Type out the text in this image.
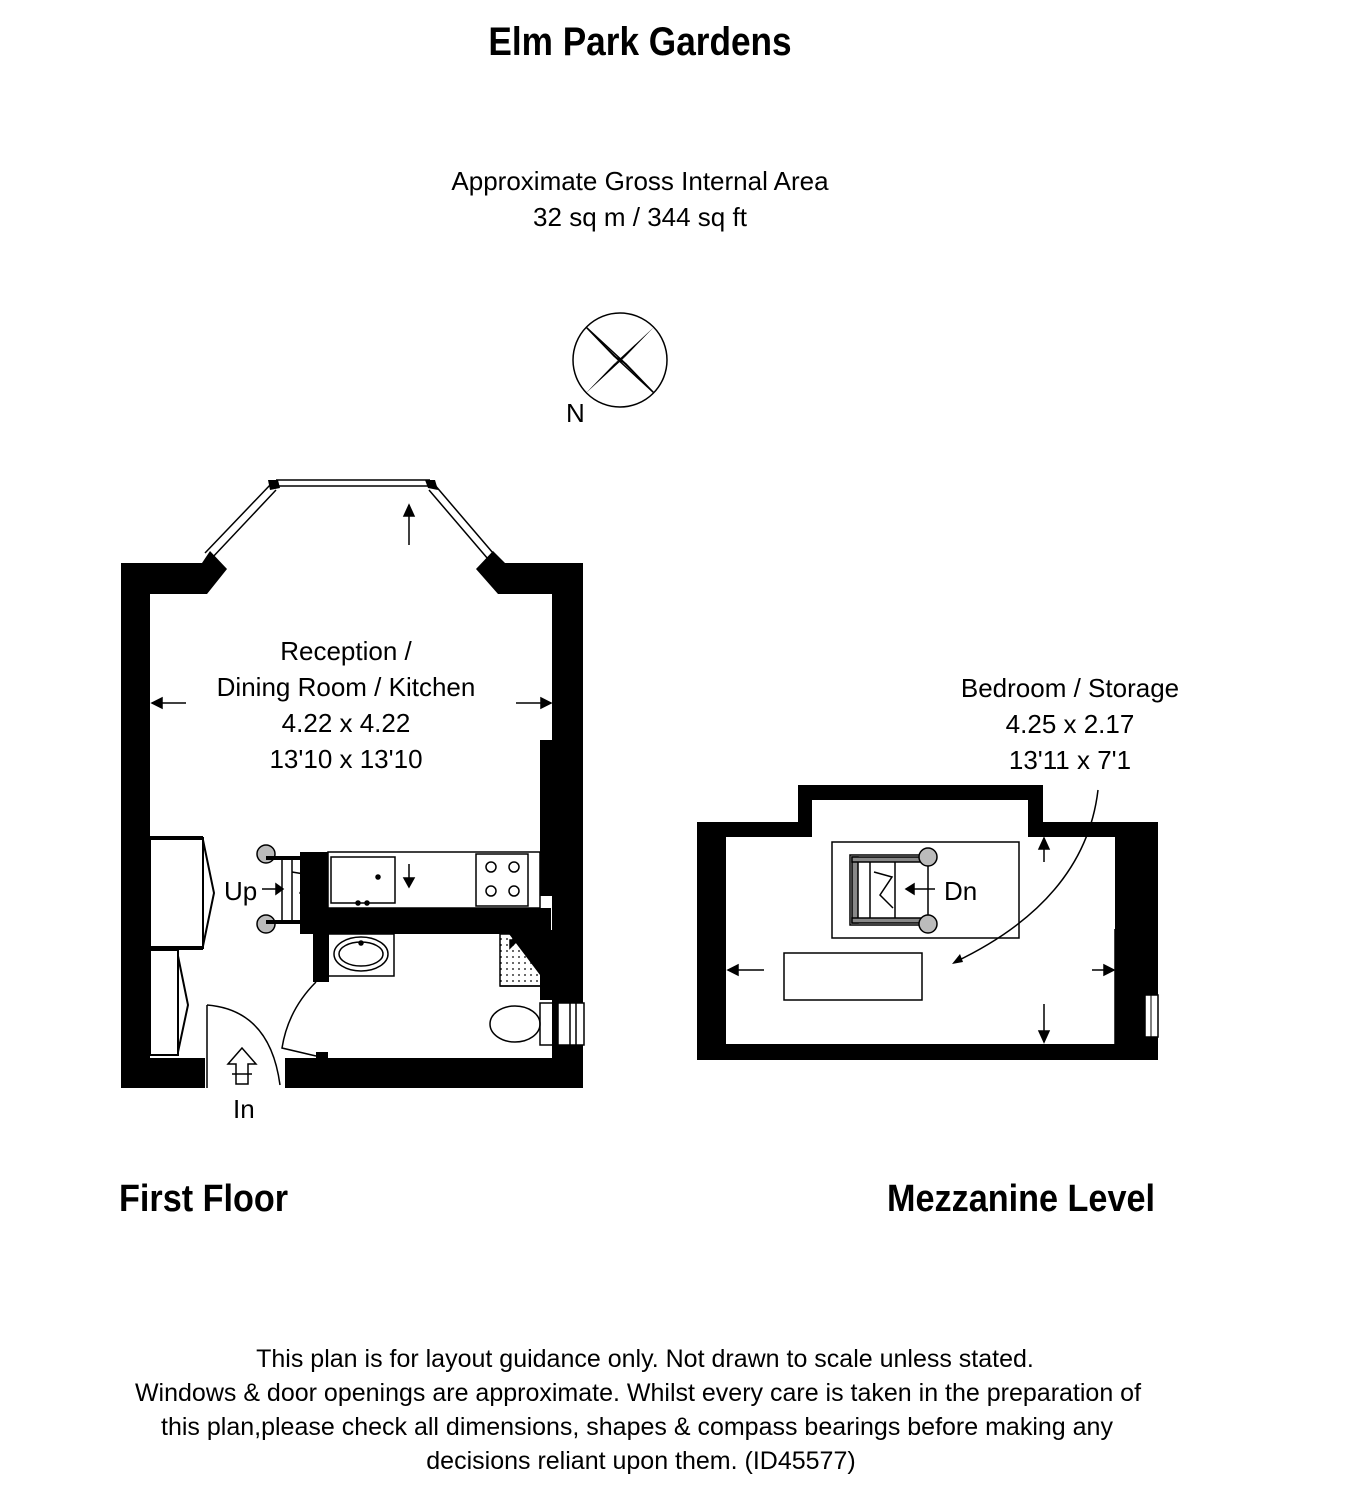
Elm Park Gardens
Approximate Gross Internal Area
32 sq m / 344 sq ft
N
Reception /
Dining Room / Kitchen
4.22 x 4.22
13'10 x 13'10
Up
In
Bedroom / Storage
4.25 x 2.17
13'11 x 7'1
Dn
First Floor	Mezzanine Level
This plan is for layout guidance only. Not drawn to scale unless stated.
Windows & door openings are approximate. Whilst every care is taken in the preparation of
this plan,please check all dimensions, shapes & compass bearings before making any
decisions reliant upon them. (ID45577)
